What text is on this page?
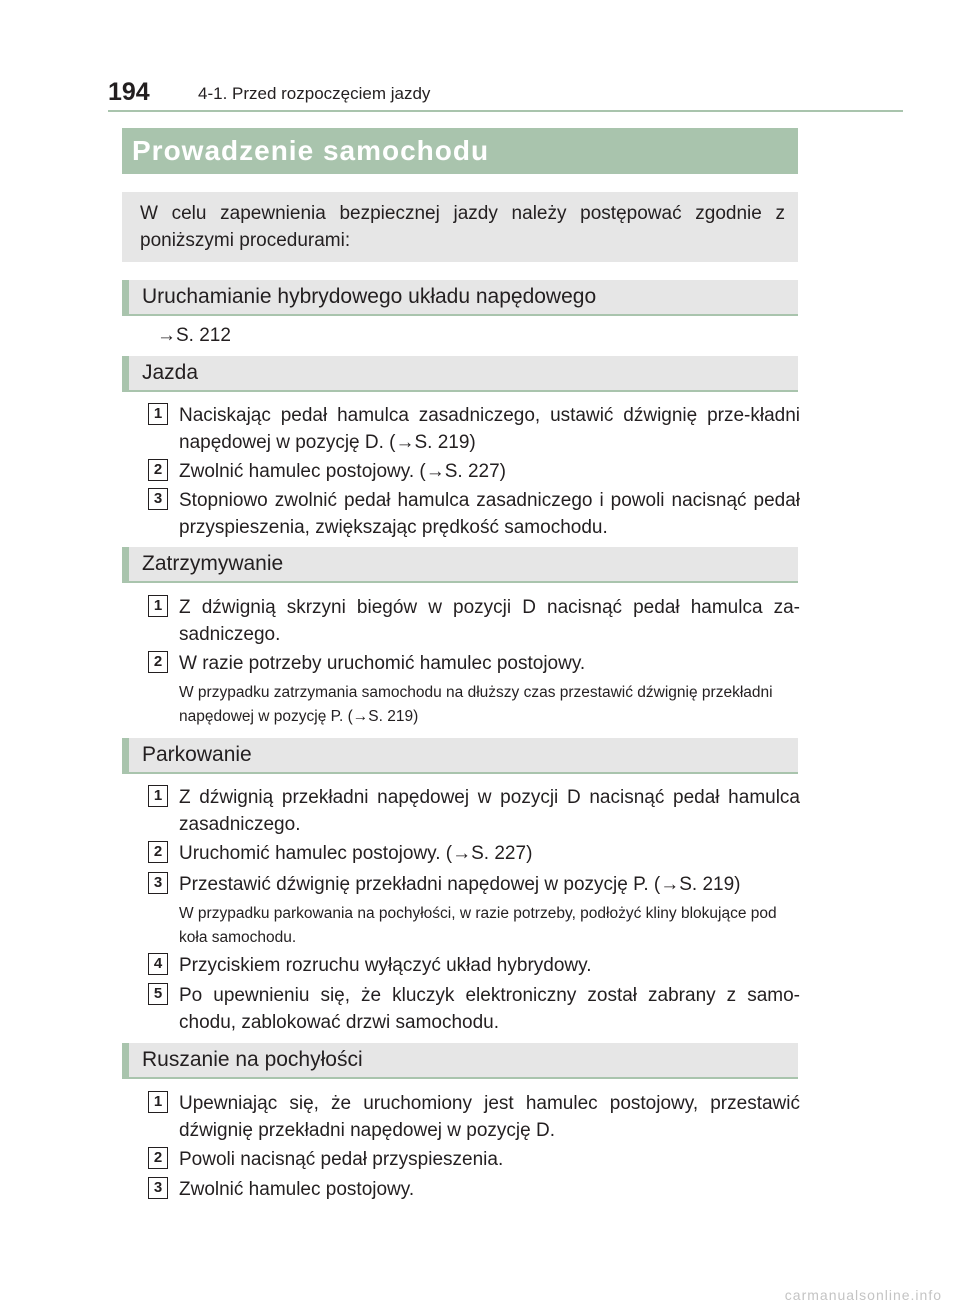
194	4-1. Przed rozpoczęciem jazdy
Prowadzenie samochodu
W celu zapewnienia bezpiecznej jazdy należy postępować zgodnie z poniższymi procedurami:
Uruchamianie hybrydowego układu napędowego
→S. 212
Jazda
1 Naciskając pedał hamulca zasadniczego, ustawić dźwignię prze-kładni napędowej w pozycję D. (→S. 219)
2 Zwolnić hamulec postojowy. (→S. 227)
3 Stopniowo zwolnić pedał hamulca zasadniczego i powoli nacisnąć pedał przyspieszenia, zwiększając prędkość samochodu.
Zatrzymywanie
1 Z dźwignią skrzyni biegów w pozycji D nacisnąć pedał hamulca za-sadniczego.
2 W razie potrzeby uruchomić hamulec postojowy.
W przypadku zatrzymania samochodu na dłuższy czas przestawić dźwignię przekładni napędowej w pozycję P. (→S. 219)
Parkowanie
1 Z dźwignią przekładni napędowej w pozycji D nacisnąć pedał hamulca zasadniczego.
2 Uruchomić hamulec postojowy. (→S. 227)
3 Przestawić dźwignię przekładni napędowej w pozycję P. (→S. 219)
W przypadku parkowania na pochyłości, w razie potrzeby, podłożyć kliny blokujące pod koła samochodu.
4 Przyciskiem rozruchu wyłączyć układ hybrydowy.
5 Po upewnieniu się, że kluczyk elektroniczny został zabrany z samo-chodu, zablokować drzwi samochodu.
Ruszanie na pochyłości
1 Upewniając się, że uruchomiony jest hamulec postojowy, przestawić dźwignię przekładni napędowej w pozycję D.
2 Powoli nacisnąć pedał przyspieszenia.
3 Zwolnić hamulec postojowy.
carmanualsonline.info
